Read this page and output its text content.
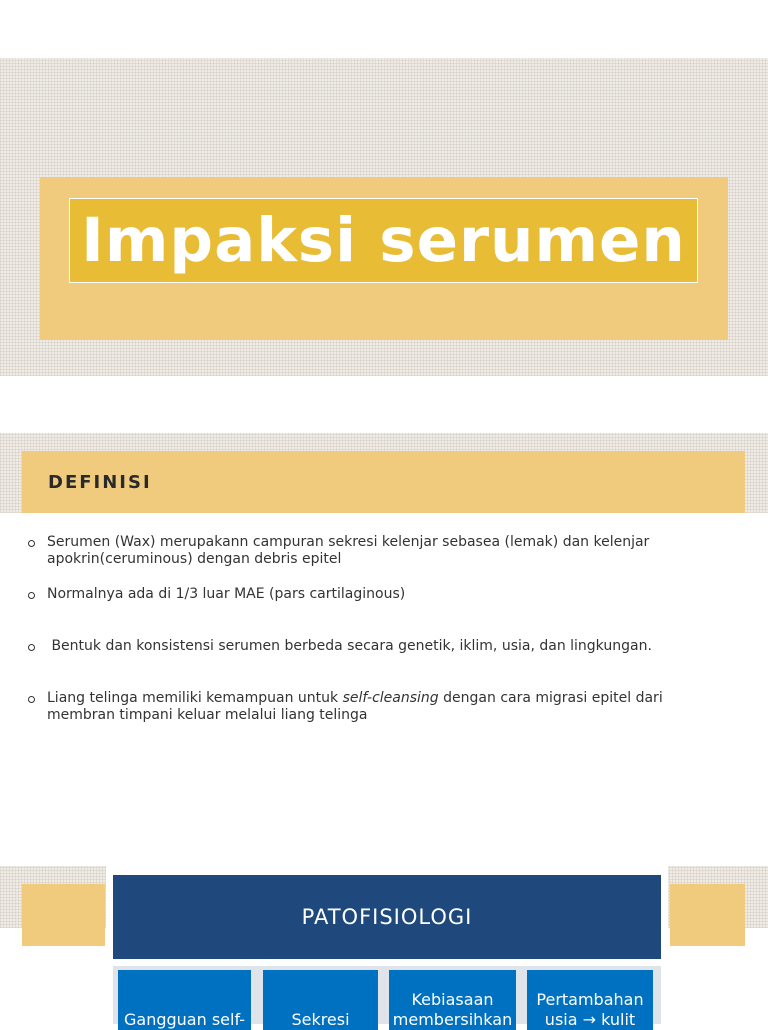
Impaksi serumen
DEFINISI
Serumen (Wax) merupakann campuran sekresi kelenjar sebasea (lemak) dan kelenjar apokrin(ceruminous) dengan debris epitel
Normalnya ada di 1/3 luar MAE (pars cartilaginous)
Bentuk dan konsistensi serumen berbeda secara genetik, iklim, usia, dan lingkungan.
Liang telinga memiliki kemampuan untuk self-cleansing dengan cara migrasi epitel dari membran timpani keluar melalui liang telinga
PATOFISIOLOGI

Gangguan self-
	Sekresi
Kebiasaan
membersihkan
Pertambahan
usia → kulit
